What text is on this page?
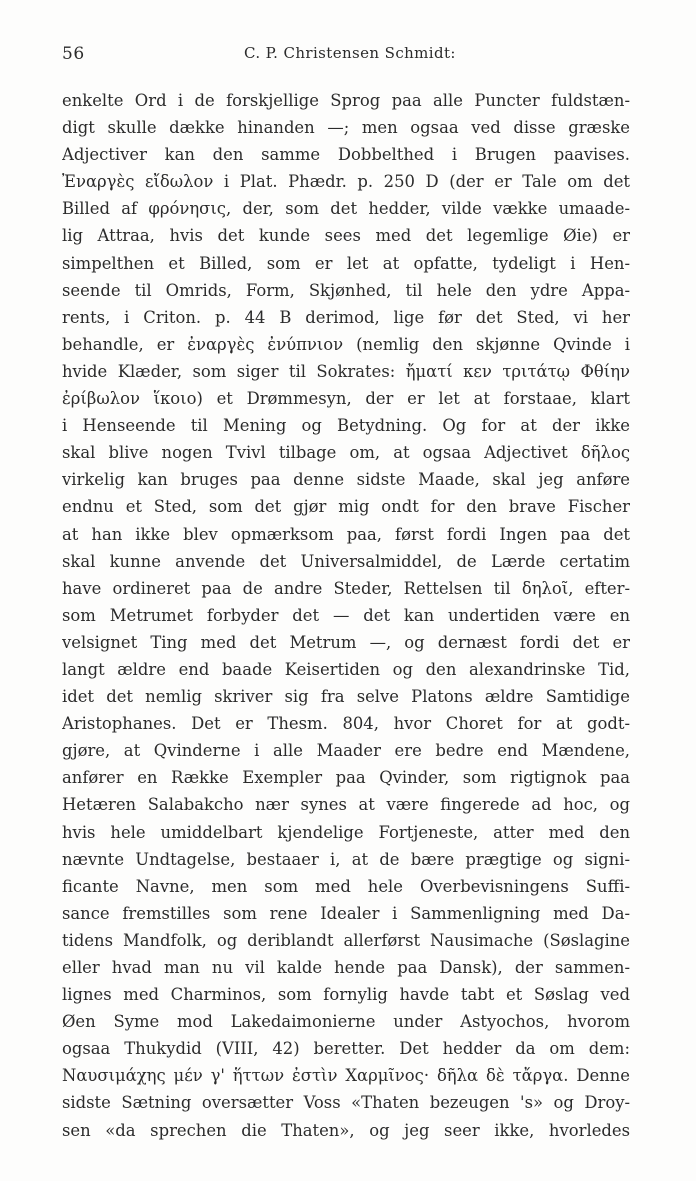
56	C. P. Christensen Schmidt:
enkelte Ord i de forskjellige Sprog paa alle Puncter fuldstæn-
digt skulle dække hinanden —; men ogsaa ved disse græske
Adjectiver kan den samme Dobbelthed i Brugen paavises.
Ἐναργὲς εἴδωλον i Plat. Phædr. p. 250 D (der er Tale om det
Billed af φρόνησις, der, som det hedder, vilde vække umaade-
lig Attraa, hvis det kunde sees med det legemlige Øie) er
simpelthen et Billed, som er let at opfatte, tydeligt i Hen-
seende til Omrids, Form, Skjønhed, til hele den ydre Appa-
rents, i Criton. p. 44 B derimod, lige før det Sted, vi her
behandle, er ἐναργὲς ἐνύπνιον (nemlig den skjønne Qvinde i
hvide Klæder, som siger til Sokrates: ἤματί κεν τριτάτῳ Φθίην
ἐρίβωλον ἵκοιο) et Drømmesyn, der er let at forstaae, klart
i Henseende til Mening og Betydning. Og for at der ikke
skal blive nogen Tvivl tilbage om, at ogsaa Adjectivet δῆλος
virkelig kan bruges paa denne sidste Maade, skal jeg anføre
endnu et Sted, som det gjør mig ondt for den brave Fischer
at han ikke blev opmærksom paa, først fordi Ingen paa det
skal kunne anvende det Universalmiddel, de Lærde certatim
have ordineret paa de andre Steder, Rettelsen til δηλοῖ, efter-
som Metrumet forbyder det — det kan undertiden være en
velsignet Ting med det Metrum —, og dernæst fordi det er
langt ældre end baade Keisertiden og den alexandrinske Tid,
idet det nemlig skriver sig fra selve Platons ældre Samtidige
Aristophanes. Det er Thesm. 804, hvor Choret for at godt-
gjøre, at Qvinderne i alle Maader ere bedre end Mændene,
anfører en Række Exempler paa Qvinder, som rigtignok paa
Hetæren Salabakcho nær synes at være fingerede ad hoc, og
hvis hele umiddelbart kjendelige Fortjeneste, atter med den
nævnte Undtagelse, bestaaer i, at de bære prægtige og signi-
ficante Navne, men som med hele Overbevisningens Suffi-
sance fremstilles som rene Idealer i Sammenligning med Da-
tidens Mandfolk, og deriblandt allerførst Nausimache (Søslagine
eller hvad man nu vil kalde hende paa Dansk), der sammen-
lignes med Charminos, som fornylig havde tabt et Søslag ved
Øen Syme mod Lakedaimonierne under Astyochos, hvorom
ogsaa Thukydid (VIII, 42) beretter. Det hedder da om dem:
Ναυσιμάχης μέν γ' ἥττων ἐστὶν Χαρμῖνος· δῆλα δὲ τἄργα. Denne
sidste Sætning oversætter Voss «Thaten bezeugen 's» og Droy-
sen «da sprechen die Thaten», og jeg seer ikke, hvorledes
